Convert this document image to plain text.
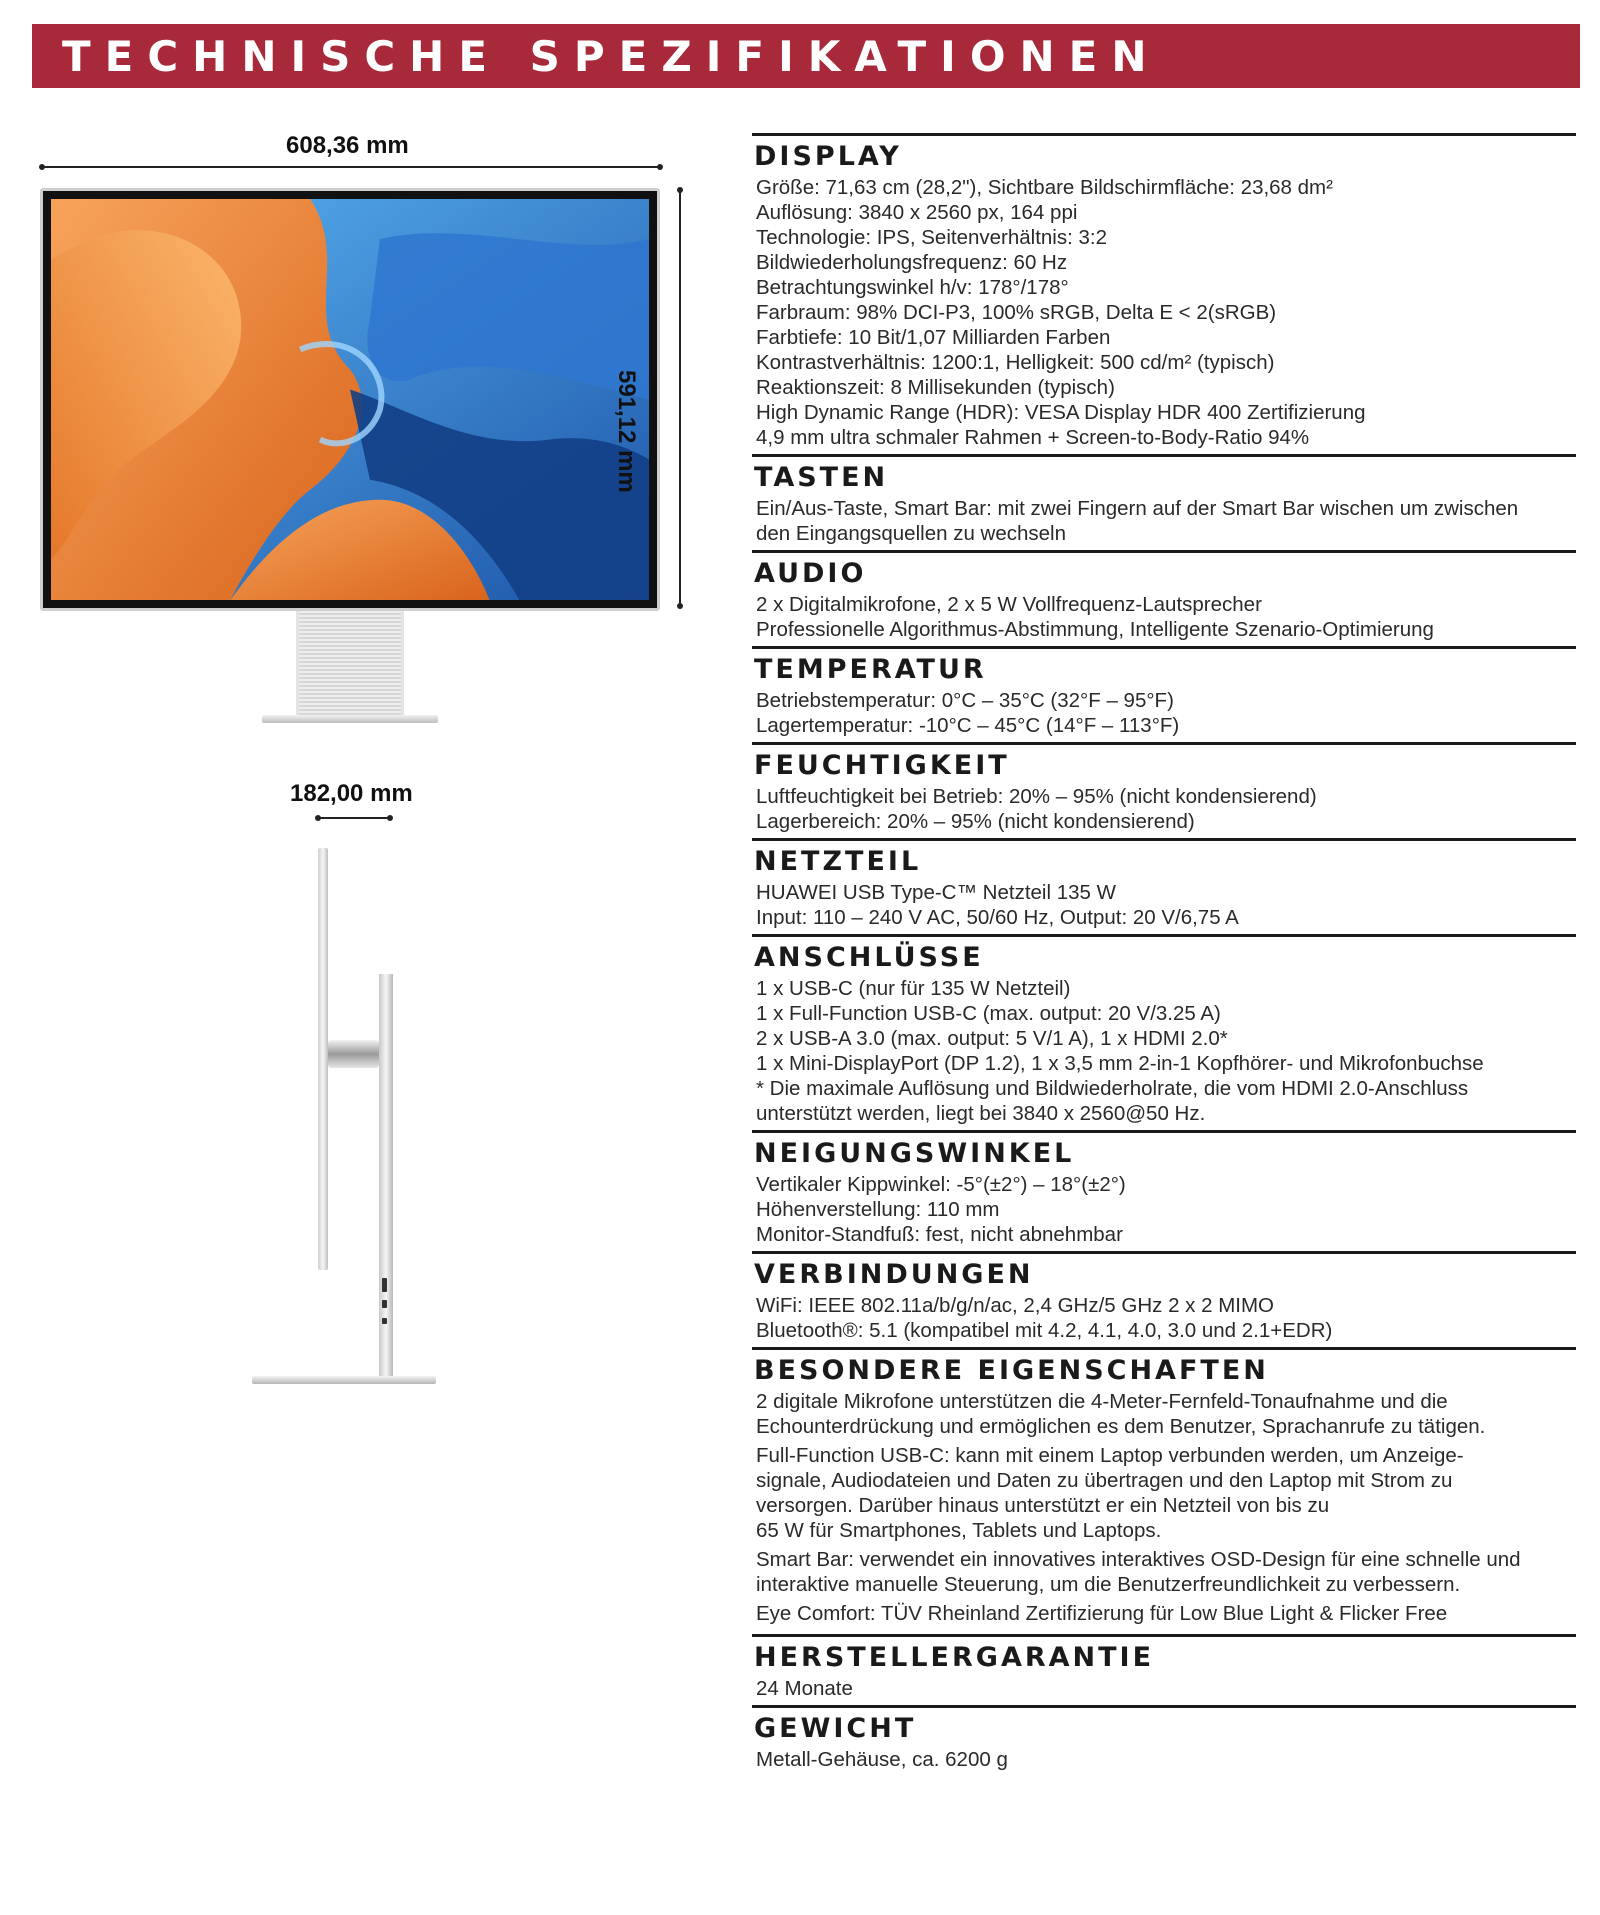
TECHNISCHE SPEZIFIKATIONEN
608,36 mm
591,12 mm
182,00 mm
DISPLAY
Größe: 71,63 cm (28,2"), Sichtbare Bildschirmfläche: 23,68 dm²
Auflösung: 3840 x 2560 px, 164 ppi
Technologie: IPS, Seitenverhältnis: 3:2
Bildwiederholungsfrequenz: 60 Hz
Betrachtungswinkel h/v: 178°/178°
Farbraum: 98% DCI-P3, 100% sRGB, Delta E < 2(sRGB)
Farbtiefe: 10 Bit/1,07 Milliarden Farben
Kontrastverhältnis: 1200:1, Helligkeit: 500 cd/m² (typisch)
Reaktionszeit: 8 Millisekunden (typisch)
High Dynamic Range (HDR): VESA Display HDR 400 Zertifizierung
4,9 mm ultra schmaler Rahmen + Screen-to-Body-Ratio 94%
TASTEN
Ein/Aus-Taste, Smart Bar: mit zwei Fingern auf der Smart Bar wischen um zwischen
den Eingangsquellen zu wechseln
AUDIO
2 x Digitalmikrofone, 2 x 5 W Vollfrequenz-Lautsprecher
Professionelle Algorithmus-Abstimmung, Intelligente Szenario-Optimierung
TEMPERATUR
Betriebstemperatur: 0°C – 35°C (32°F – 95°F)
Lagertemperatur: -10°C – 45°C (14°F – 113°F)
FEUCHTIGKEIT
Luftfeuchtigkeit bei Betrieb: 20% – 95% (nicht kondensierend)
Lagerbereich: 20% – 95% (nicht kondensierend)
NETZTEIL
HUAWEI USB Type-C™ Netzteil 135 W
Input: 110 – 240 V AC, 50/60 Hz, Output: 20 V/6,75 A
ANSCHLÜSSE
1 x USB-C (nur für 135 W Netzteil)
1 x Full-Function USB-C (max. output: 20 V/3.25 A)
2 x USB-A 3.0 (max. output: 5 V/1 A), 1 x HDMI 2.0*
1 x Mini-DisplayPort (DP 1.2), 1 x 3,5 mm 2-in-1 Kopfhörer- und Mikrofonbuchse
* Die maximale Auflösung und Bildwiederholrate, die vom HDMI 2.0-Anschluss
unterstützt werden, liegt bei 3840 x 2560@50 Hz.
NEIGUNGSWINKEL
Vertikaler Kippwinkel: -5°(±2°) – 18°(±2°)
Höhenverstellung: 110 mm
Monitor-Standfuß: fest, nicht abnehmbar
VERBINDUNGEN
WiFi: IEEE 802.11a/b/g/n/ac, 2,4 GHz/5 GHz 2 x 2 MIMO
Bluetooth®: 5.1 (kompatibel mit 4.2, 4.1, 4.0, 3.0 und 2.1+EDR)
BESONDERE EIGENSCHAFTEN
2 digitale Mikrofone unterstützen die 4-Meter-Fernfeld-Tonaufnahme und die
Echounterdrückung und ermöglichen es dem Benutzer, Sprachanrufe zu tätigen.
Full-Function USB-C: kann mit einem Laptop verbunden werden, um Anzeige-
signale, Audiodateien und Daten zu übertragen und den Laptop mit Strom zu
versorgen. Darüber hinaus unterstützt er ein Netzteil von bis zu
65 W für Smartphones, Tablets und Laptops.
Smart Bar: verwendet ein innovatives interaktives OSD-Design für eine schnelle und
interaktive manuelle Steuerung, um die Benutzerfreundlichkeit zu verbessern.
Eye Comfort: TÜV Rheinland Zertifizierung für Low Blue Light & Flicker Free
HERSTELLERGARANTIE
24 Monate
GEWICHT
Metall-Gehäuse, ca. 6200 g
